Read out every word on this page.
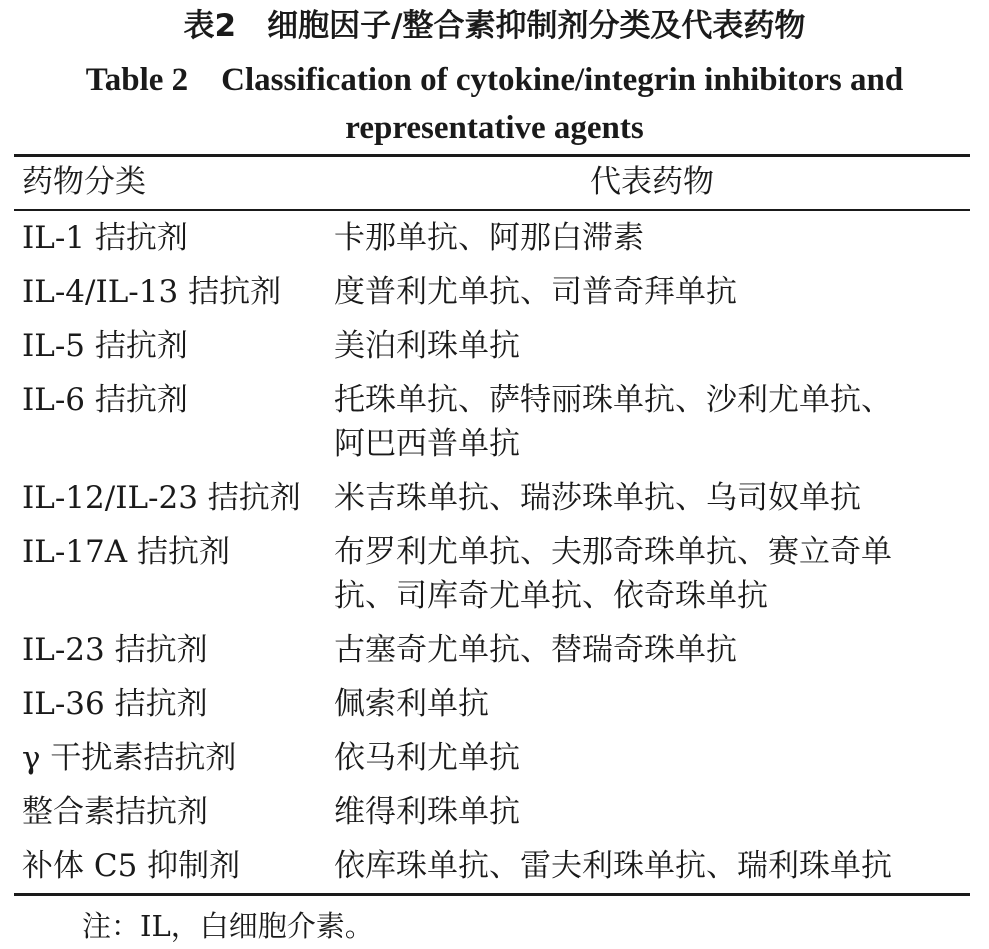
表2　细胞因子/整合素抑制剂分类及代表药物
Table 2　Classification of cytokine/integrin inhibitors and
representative agents
药物分类	代表药物
IL-1 拮抗剂	卡那单抗、阿那白滞素
IL-4/IL-13 拮抗剂 度普利尤单抗、司普奇拜单抗
IL-5 拮抗剂	美泊利珠单抗
IL-6 拮抗剂	托珠单抗、萨特丽珠单抗、沙利尤单抗、
阿巴西普单抗
IL-12/IL-23 拮抗剂 米吉珠单抗、瑞莎珠单抗、乌司奴单抗
IL-17A 拮抗剂	布罗利尤单抗、夫那奇珠单抗、赛立奇单
抗、司库奇尤单抗、依奇珠单抗
IL-23 拮抗剂	古塞奇尤单抗、替瑞奇珠单抗
IL-36 拮抗剂	佩索利单抗
γ 干扰素拮抗剂	依马利尤单抗
整合素拮抗剂	维得利珠单抗
补体 C5 抑制剂	依库珠单抗、雷夫利珠单抗、瑞利珠单抗
注：IL，白细胞介素。
